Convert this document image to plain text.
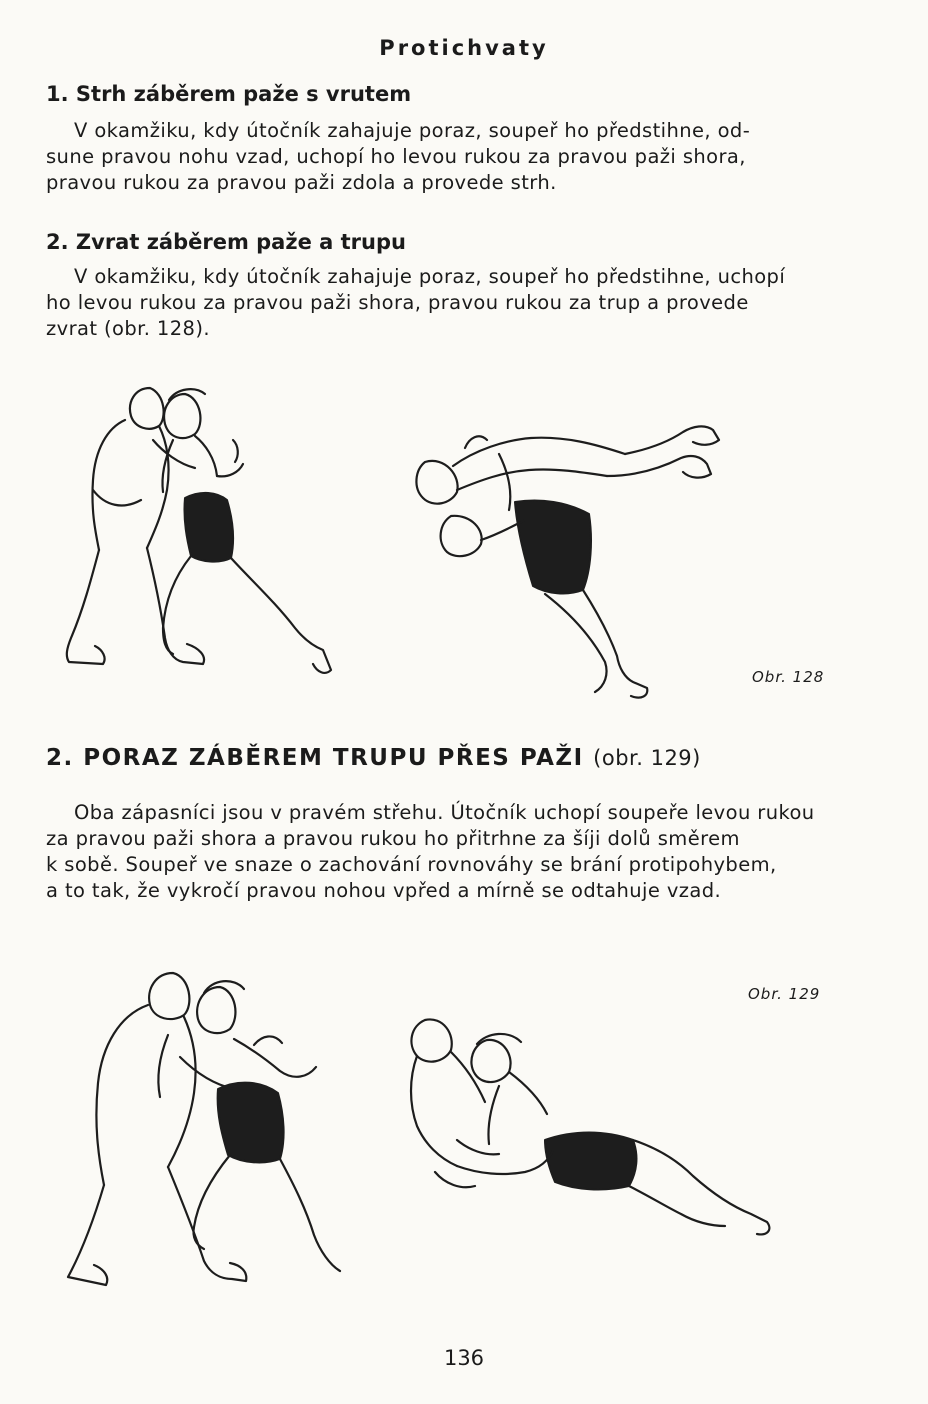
Protichvaty
1. Strh záběrem paže s vrutem
V okamžiku, kdy útočník zahajuje poraz, soupeř ho předstihne, od-
sune pravou nohu vzad, uchopí ho levou rukou za pravou paži shora,
pravou rukou za pravou paži zdola a provede strh.
2. Zvrat záběrem paže a trupu
V okamžiku, kdy útočník zahajuje poraz, soupeř ho předstihne, uchopí
ho levou rukou za pravou paži shora, pravou rukou za trup a provede
zvrat (obr. 128).
Obr. 128
2. PORAZ ZÁBĚREM TRUPU PŘES PAŽI (obr. 129)
Oba zápasníci jsou v pravém střehu. Útočník uchopí soupeře levou rukou
za pravou paži shora a pravou rukou ho přitrhne za šíji dolů směrem
k sobě. Soupeř ve snaze o zachování rovnováhy se brání protipohybem,
a to tak, že vykročí pravou nohou vpřed a mírně se odtahuje vzad.
Obr. 129
136
